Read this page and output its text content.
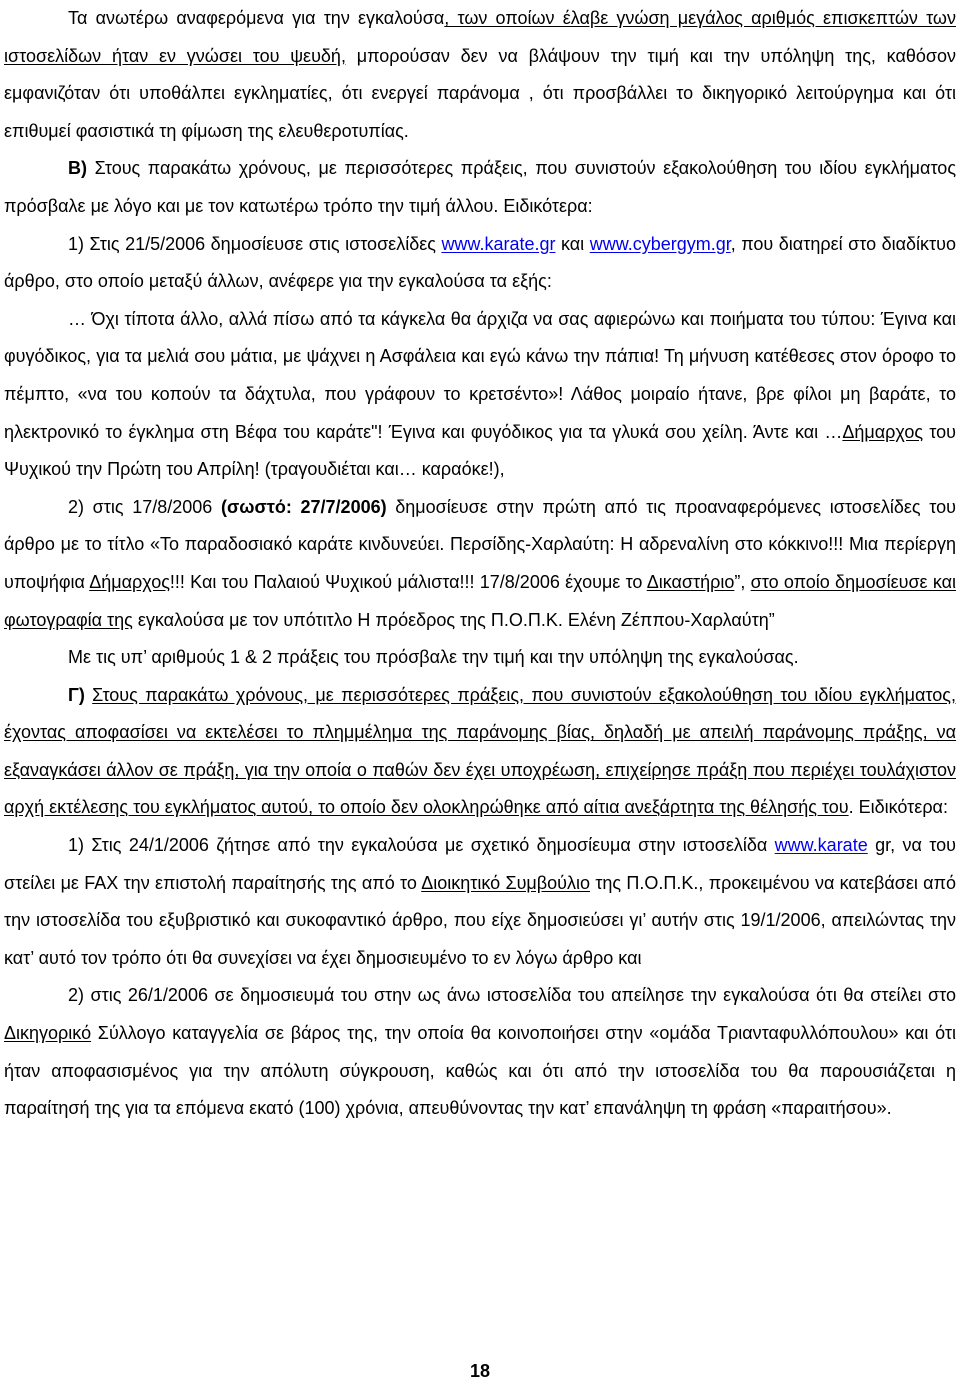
Τα ανωτέρω αναφερόμενα για την εγκαλούσα, των οποίων έλαβε γνώση μεγάλος αριθμός επισκεπτών των ιστοσελίδων ήταν εν γνώσει του ψευδή, μπορούσαν δεν να βλάψουν την τιμή και την υπόληψη της, καθόσον εμφανιζόταν ότι υποθάλπει εγκληματίες, ότι ενεργεί παράνομα , ότι προσβάλλει το δικηγορικό λειτούργημα και ότι επιθυμεί φασιστικά τη φίμωση της ελευθεροτυπίας.

Β) Στους παρακάτω χρόνους, με περισσότερες πράξεις, που συνιστούν εξακολούθηση του ιδίου εγκλήματος πρόσβαλε με λόγο και με τον κατωτέρω τρόπο την τιμή άλλου. Ειδικότερα:

1) Στις 21/5/2006 δημοσίευσε στις ιστοσελίδες www.karate.gr και www.cybergym.gr, που διατηρεί στο διαδίκτυο άρθρο, στο οποίο μεταξύ άλλων, ανέφερε για την εγκαλούσα τα εξής:

… Όχι τίποτα άλλο, αλλά πίσω από τα κάγκελα θα άρχιζα να σας αφιερώνω και ποιήματα του τύπου: Έγινα και φυγόδικος, για τα μελιά σου μάτια, με ψάχνει η Ασφάλεια και εγώ κάνω την πάπια! Τη μήνυση κατέθεσες στον όροφο το πέμπτο, «να του κοπούν τα δάχτυλα, που γράφουν το κρετσέντο»! Λάθος μοιραίο ήτανε, βρε φίλοι μη βαράτε, το ηλεκτρονικό το έγκλημα στη Βέφα του καράτε"! Έγινα και φυγόδικος για τα γλυκά σου χείλη. Άντε και …Δήμαρχος του Ψυχικού την Πρώτη του Απρίλη! (τραγουδιέται και… καραόκε!),

2) στις 17/8/2006 (σωστό: 27/7/2006) δημοσίευσε στην πρώτη από τις προαναφερόμενες ιστοσελίδες του άρθρο με το τίτλο «Το παραδοσιακό καράτε κινδυνεύει. Περσίδης-Χαρλαύτη: Η αδρεναλίνη στο κόκκινο!!! Μια περίεργη υποψήφια Δήμαρχος!!! Και του Παλαιού Ψυχικού μάλιστα!!! 17/8/2006 έχουμε το Δικαστήριο”, στο οποίο δημοσίευσε και φωτογραφία της εγκαλούσα με τον υπότιτλο Η πρόεδρος της Π.Ο.Π.Κ. Ελένη Ζέππου-Χαρλαύτη”

Με τις υπ’ αριθμούς 1 & 2 πράξεις του πρόσβαλε την τιμή και την υπόληψη της εγκαλούσας.

Γ) Στους παρακάτω χρόνους, με περισσότερες πράξεις, που συνιστούν εξακολούθηση του ιδίου εγκλήματος, έχοντας αποφασίσει να εκτελέσει το πλημμέλημα της παράνομης βίας, δηλαδή με απειλή παράνομης πράξης, να εξαναγκάσει άλλον σε πράξη, για την οποία ο παθών δεν έχει υποχρέωση, επιχείρησε πράξη που περιέχει τουλάχιστον αρχή εκτέλεσης του εγκλήματος αυτού, το οποίο δεν ολοκληρώθηκε από αίτια ανεξάρτητα της θέλησής του. Ειδικότερα:

1) Στις 24/1/2006 ζήτησε από την εγκαλούσα με σχετικό δημοσίευμα στην ιστοσελίδα www.karate gr, να του στείλει με FAX την επιστολή παραίτησής της από το Διοικητικό Συμβούλιο της Π.Ο.Π.Κ., προκειμένου να κατεβάσει από την ιστοσελίδα του εξυβριστικό και συκοφαντικό άρθρο, που είχε δημοσιεύσει γι’ αυτήν στις 19/1/2006, απειλώντας την κατ’ αυτό τον τρόπο ότι θα συνεχίσει να έχει δημοσιευμένο το εν λόγω άρθρο και

2) στις 26/1/2006 σε δημοσιευμά του στην ως άνω ιστοσελίδα του απείλησε την εγκαλούσα ότι θα στείλει στο Δικηγορικό Σύλλογο καταγγελία σε βάρος της, την οποία θα κοινοποιήσει στην «ομάδα Τριανταφυλλόπουλου» και ότι ήταν αποφασισμένος για την απόλυτη σύγκρουση, καθώς και ότι από την ιστοσελίδα του θα παρουσιάζεται η παραίτησή της για τα επόμενα εκατό (100) χρόνια, απευθύνοντας την κατ’ επανάληψη τη φράση «παραιτήσου».

18
